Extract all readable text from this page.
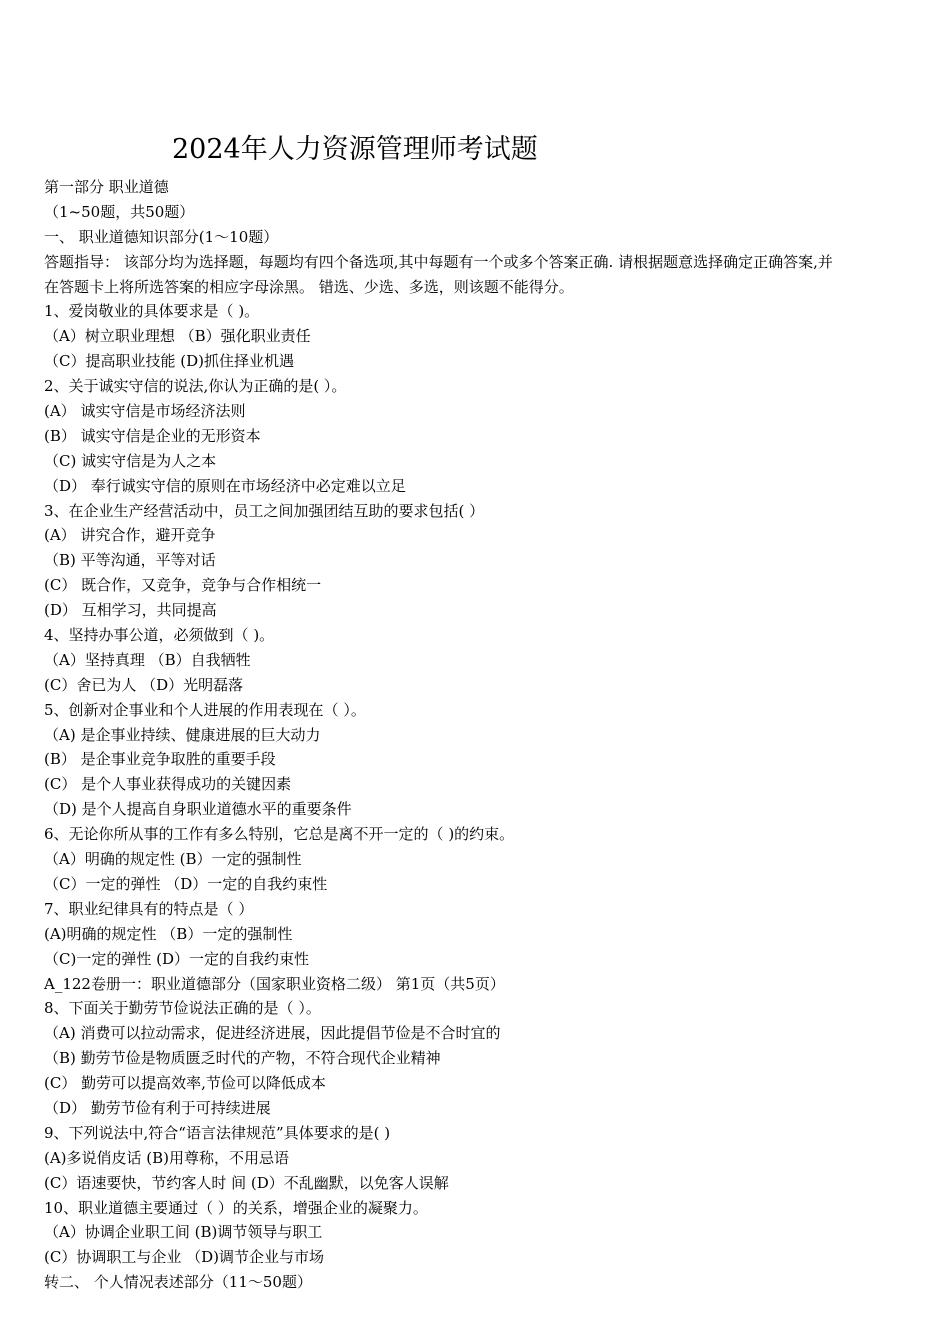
2024年人力资源管理师考试题
第一部分 职业道德
（1~50题，共50题）
一、 职业道德知识部分(1～10题）
答题指导： 该部分均为选择题，每题均有四个备选项,其中每题有一个或多个答案正确. 请根据题意选择确定正确答案,并
在答题卡上将所选答案的相应字母涂黑。 错选、少选、多选，则该题不能得分。
1、爱岗敬业的具体要求是（ )。
（A）树立职业理想 （B）强化职业责任
（C）提高职业技能 (D)抓住择业机遇
2、关于诚实守信的说法,你认为正确的是( ）。
(A） 诚实守信是市场经济法则
(B） 诚实守信是企业的无形资本
（C) 诚实守信是为人之本
（D） 奉行诚实守信的原则在市场经济中必定难以立足
3、在企业生产经营活动中，员工之间加强团结互助的要求包括( ）
(A） 讲究合作，避开竞争
（B) 平等沟通，平等对话
(C） 既合作，又竞争，竞争与合作相统一
(D） 互相学习，共同提高
4、坚持办事公道，必须做到（ )。
（A）坚持真理 （B）自我牺牲
(C）舍已为人 （D）光明磊落
5、创新对企事业和个人进展的作用表现在（ ）。
（A) 是企事业持续、健康进展的巨大动力
(B） 是企事业竞争取胜的重要手段
(C） 是个人事业获得成功的关键因素
（D) 是个人提高自身职业道德水平的重要条件
6、无论你所从事的工作有多么特别，它总是离不开一定的（ )的约束。
（A）明确的规定性 (B）一定的强制性
（C）一定的弹性 （D）一定的自我约束性
7、职业纪律具有的特点是（ ）
(A)明确的规定性 （B）一定的强制性
（C)一定的弹性 (D）一定的自我约束性
A_122卷册一：职业道德部分（国家职业资格二级） 第1页（共5页）
8、下面关于勤劳节俭说法正确的是（ ）。
（A) 消费可以拉动需求，促进经济进展，因此提倡节俭是不合时宜的
（B) 勤劳节俭是物质匮乏时代的产物，不符合现代企业精神
(C） 勤劳可以提高效率,节俭可以降低成本
（D） 勤劳节俭有利于可持续进展
9、下列说法中,符合“语言法律规范”具体要求的是( )
(A)多说俏皮话 (B)用尊称，不用忌语
(C）语速要快，节约客人时 间 (D）不乱幽默，以免客人误解
10、职业道德主要通过（ ）的关系，增强企业的凝聚力。
（A）协调企业职工间 (B)调节领导与职工
(C）协调职工与企业 （D)调节企业与市场
转二、 个人情况表述部分（11～50题）
